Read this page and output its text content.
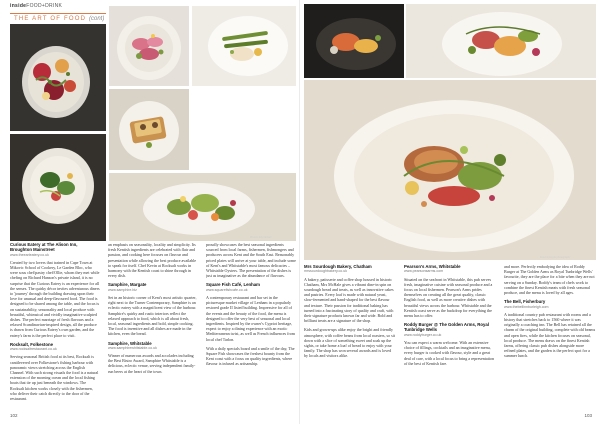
insideFOOD+DRINK
THE ART OF FOOD (cont)
Photos: Lily Norvell
Food styling & photography
Curious Eatery at The Alison Inn,
Broughton Mainstreet
www.theearleatery.co.uk

Created by two lovers that trained in Cape Town at Mikovic School of Cookery, Le Garden Bloc, who were sous chef/pastry chef/Ollie, whom they met while chefing on Richard Hanson's private island, it is no surprise that the Curious Eatery is an experience for all the senses. The quirky décor invites adventurous diners to 'journey' through the building drawing upon their love for unusual and deep-flavoured food. The food is designed to be shared among the table, and the focus is on sustainability, seasonality and local produce with beautiful, whimsical and vividly imaginative sculpted dishes. The perfect marriage of fresh flavours and a relaxed Scandinavian-inspired design, all the produce is drawn from Curious Eatery's own garden, and the eatery's farm is the perfect place to visit.

Rocksalt, Folkestone
www.rocksaltrestaurant.co.uk

Serving seasonal British food at its best, Rocksalt is cantilevered over Folkestone's fishing harbour with panoramic views stretching across the English Channel. With such strong visuals the food is a natural extension of the morning ocean and the local fishing boats that tie up just beneath the windows. The Rocksalt kitchen works closely with the fishermen, who deliver their catch directly to the door of the restaurant.

an emphasis on seasonality, locality and simplicity. Its fresh Kentish ingredients are celebrated with flair and passion, and cooking here focuses on flavour and presentation while allowing the best produce available to speak for itself. Chef Kevin at Rocksalt works in harmony with the Kentish coast to shine through in every dish.

Samphire, Margate
www.samphire.biz

Set in an historic corner of Kent's most artistic quarter, right next to the Turner Contemporary, Samphire is an eclectic eatery with a magnificent view of the harbour. Samphire's quirky and rustic interiors reflect the relaxed approach to food, which is all about fresh, local, seasonal ingredients and bold, simple cooking. The food is inventive and all dishes are made in the kitchen, even the bread.

Samphire, Whitstable
www.samphirewhitstable.co.uk

Winner of numerous awards and accolades including the Best Bistro Award, Samphire Whitstable is a delicious, eclectic venue, serving independent family-run beers at the heart of the town.

proudly showcases the best seasonal ingredients sourced from local farms, fishermen, fishmongers and producers across Kent and the South East. Reasonably priced plates will arrive at your table, and include some of Kent's and Whitstable's most famous delicacies – Whitstable Oysters. The presentation of the dishes is just as imaginative as the abundance of flavours.

Square Fish Café, Lenham
www.squarefishcafe.co.uk

A contemporary restaurant and bar set in the picturesque market village of Lenham in a popularly restored grade II listed building. Impressive for all of the events and the beauty of the food, the menu is designed to offer the very best of seasonal and local ingredients. Inspired by the owner's Cypriot heritage, expect to enjoy a dining experience with an exotic Mediterranean twist, as well as French influences from local chef Tarlon.

With a daily specials board and a smile of the day, The Square Fish showcases the freshest bounty from the Kent coast with a focus on quality ingredients, where flavour is infused as artisanship.

Mrs Sourdough Bakery, Chatham
mrssourdoughbakery.co.uk

A bakery, patisserie and coffee shop housed in historic Chatham, Mrs McHale gives a vibrant dine-in spin on sourdough bread and treats, as well as innovative cakes and pastries. Every loaf is made with natural yeast, slow-fermented and hand-shaped for the best flavour and texture. Their passion for traditional baking has turned into a fascinating story of quality and craft, with their signature products known far and wide. Bold and brilliant treats are a signature of the shop.

Kids and grown-ups alike enjoy the bright and friendly atmosphere, with coffee beans from local roasters, so sit down with a slice of something sweet and soak up the sights, or take home a loaf of bread to enjoy with your family. The shop has won several awards and is loved by locals and visitors alike.

Pearson's Arms, Whitstable
www.pearsonsarms.com

Situated on the seafront in Whitstable, this pub serves fresh, imaginative cuisine with seasonal produce and a focus on local fishermen. Pearson's Arms prides themselves on creating all the great quality, classic English food, as well as more creative dishes with beautiful views across the harbour. Whitstable and the Kentish coast serve as the backdrop for everything the menu has to offer.

Roddy Burger @ The Golden Arms, Royal Tunbridge Wells
www.roddyburger.co.uk

You can expect a warm welcome. With an extensive choice of fillings, cocktails and an imaginative menu, every burger is cooked with flavour, style and a great deal of care, with a local focus to bring a representation of the best of Kentish fare.

and more. Perfectly embodying the idea of Roddy Burger at The Golden Arms as Royal Tunbridge Wells' favourite, they are the place for a bite when they are not serving on a Sunday. Roddy's team of chefs work to combine the finest Kentish meats with fresh seasonal produce, and the menu is loved by all ages.

The Bell, Fisherbury
www.thebellinnburleigh.com

A traditional country pub restaurant with rooms and a history that stretches back to 1560 where it was originally a coaching inn. The Bell has retained all the charm of the original building, complete with old beams and open fires, while the kitchen focuses on seasonal, local produce. The menu draws on the finest Kentish farms, offering classic pub dishes alongside more refined plates, and the garden is the perfect spot for a summer lunch.

102	103
